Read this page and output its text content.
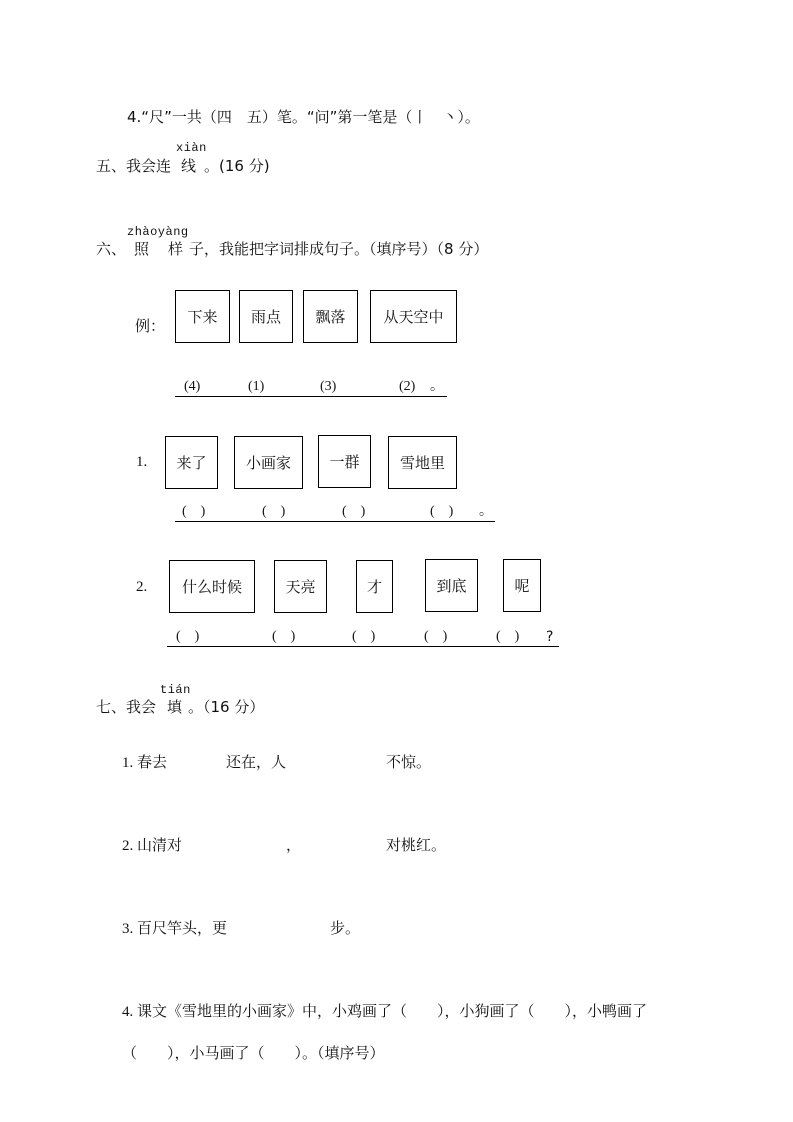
4.“尺”一共（四　五）笔。“问”第一笔是（丨　丶）。
xiàn
五、 我会连 线 。(16 分)
zhàoyàng
六、 照 样 子，我能把字词排成句子。（填序号）（8 分）
例：	下来	雨点	飘落	从天空中
(4)	(1)	(3)	(2) 。
1.	来了	小画家	一群	雪地里
(    )	(    )	(    )	(    ) 。
2.	什么时候	天亮	才	到底	呢
(    )	(    )	(    )	(    )	(    ) ?
tián
七、 我会 填 。（16 分）
1. 春去	还在，人	不惊。
2. 山清对	，	对桃红。
3. 百尺竿头，更	步。
4. 课文《雪地里的小画家》中，小鸡画了（　　），小狗画了（　　），小鸭画了
（　　），小马画了（　　）。（填序号）
